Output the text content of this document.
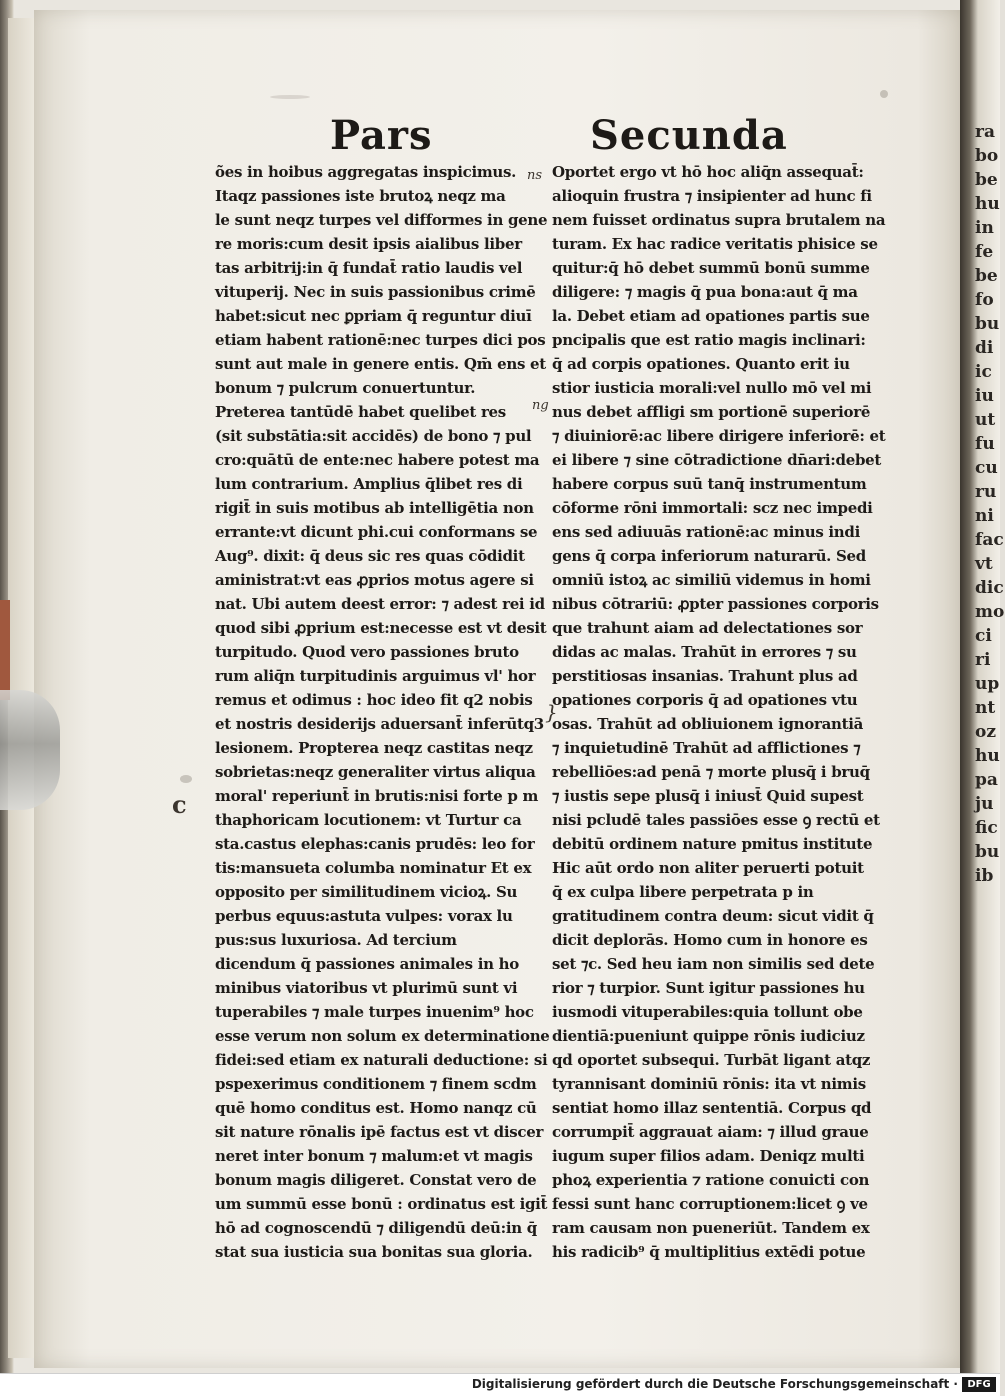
ra
bo
be
hu
in
fe
be
fo
bu
di
ic
iu
ut
fu
cu
ru
ni
fac
vt
dic
mo
ci
ri
up
nt
oz
hu
pa
ju
fic
bu
ib
Pars	Secunda
ões in hoibus aggregatas inspicimus.
Itaqz passiones iste brutoꝝ neqz ma
le sunt neqz turpes vel difformes in gene
re moris:cum desit ipsis aialibus liber
tas arbitrij:in q̄ fundat̄ ratio laudis vel
vituperij. Nec in suis passionibus crimē
habet:sicut nec ꝑpriam q̄ reguntur diuī
etiam habent rationē:nec turpes dici pos
sunt aut male in genere entis. Qm̄ ens et
bonum ⁊ pulcrum conuertuntur.
Preterea tantūdē habet quelibet res
(sit substātia:sit accidēs) de bono ⁊ pul
cro:quātū de ente:nec habere potest ma
lum contrarium. Amplius q̄libet res di
rigit̄ in suis motibus ab intelligētia non
errante:vt dicunt phi.cui conformans se
Aug⁹. dixit: q̄ deus sic res quas cōdidit
aministrat:vt eas ꝓprios motus agere si
nat. Ubi autem deest error: ⁊ adest rei id
quod sibi ꝓprium est:necesse est vt desit
turpitudo. Quod vero passiones bruto
rum aliq̄n turpitudinis arguimus vl' hor
remus et odimus : hoc ideo fit q2 nobis
et nostris desiderijs aduersant̄ inferūtq3
lesionem. Propterea neqz castitas neqz
sobrietas:neqz generaliter virtus aliqua
moral' reperiunt̄ in brutis:nisi forte p m
thaphoricam locutionem: vt Turtur ca
sta.castus elephas:canis prudēs: leo for
tis:mansueta columba nominatur Et ex
opposito per similitudinem vicioꝝ. Su
perbus equus:astuta vulpes: vorax lu
pus:sus luxuriosa. Ad tercium
dicendum q̄ passiones animales in ho
minibus viatoribus vt plurimū sunt vi
tuperabiles ⁊ male turpes inuenim⁹ hoc
esse verum non solum ex determinatione
fidei:sed etiam ex naturali deductione: si
pspexerimus conditionem ⁊ finem scdm
quē homo conditus est. Homo nanqz cū
sit nature rōnalis ipē factus est vt discer
neret inter bonum ⁊ malum:et vt magis
bonum magis diligeret. Constat vero de
um summū esse bonū : ordinatus est igit̄
hō ad cognoscendū ⁊ diligendū deū:in q̄
stat sua iusticia sua bonitas sua gloria.
Oportet ergo vt hō hoc aliq̄n assequat̄:
alioquin frustra ⁊ insipienter ad hunc fi
nem fuisset ordinatus supra brutalem na
turam. Ex hac radice veritatis phisice se
quitur:q̄ hō debet summū bonū summe
diligere: ⁊ magis q̄ pua bona:aut q̄ ma
la. Debet etiam ad opationes partis sue
pncipalis que est ratio magis inclinari:
q̄ ad corpis opationes. Quanto erit iu
stior iusticia morali:vel nullo mō vel mi
nus debet affligi sm portionē superiorē
⁊ diuiniorē:ac libere dirigere inferiorē: et
ei libere ⁊ sine cōtradictione dn̄ari:debet
habere corpus suū tanq̄ instrumentum
cōforme rōni immortali: scz nec impedi
ens sed adiuuās rationē:ac minus indi
gens q̄ corpa inferiorum naturarū. Sed
omniū istoꝝ ac similiū videmus in homi
nibus cōtrariū: ꝓpter passiones corporis
que trahunt aiam ad delectationes sor
didas ac malas. Trahūt in errores ⁊ su
perstitiosas insanias. Trahunt plus ad
opationes corporis q̄ ad opationes vtu
osas. Trahūt ad obliuionem ignorantiā
⁊ inquietudinē Trahūt ad afflictiones ⁊
rebelliōes:ad penā ⁊ morte plusq̄ i bruq̄
⁊ iustis sepe plusq̄ i iniust̄ Quid supest
nisi pcludē tales passiōes esse ꝯ rectū et
debitū ordinem nature pmitus institute
Hic aūt ordo non aliter peruerti potuit
q̄ ex culpa libere perpetrata p in
gratitudinem contra deum: sicut vidit q̄
dicit deplorās. Homo cum in honore es
set ⁊c. Sed heu iam non similis sed dete
rior ⁊ turpior. Sunt igitur passiones hu
iusmodi vituperabiles:quia tollunt obe
dientiā:pueniunt quippe rōnis iudiciuz
qd oportet subsequi. Turbāt ligant atqz
tyrannisant dominiū rōnis: ita vt nimis
sentiat homo illaz sententiā. Corpus qd
corrumpit̄ aggrauat aiam: ⁊ illud graue
iugum super filios adam. Deniqz multi
phoꝝ experientia ⁊ ratione conuicti con
fessi sunt hanc corruptionem:licet ꝯ ve
ram causam non pueneriūt. Tandem ex
his radicib⁹ q̄ multiplitius extēdi potue
c
ns
ng
}
Digitalisierung gefördert durch die Deutsche Forschungsgemeinschaft · DFG
